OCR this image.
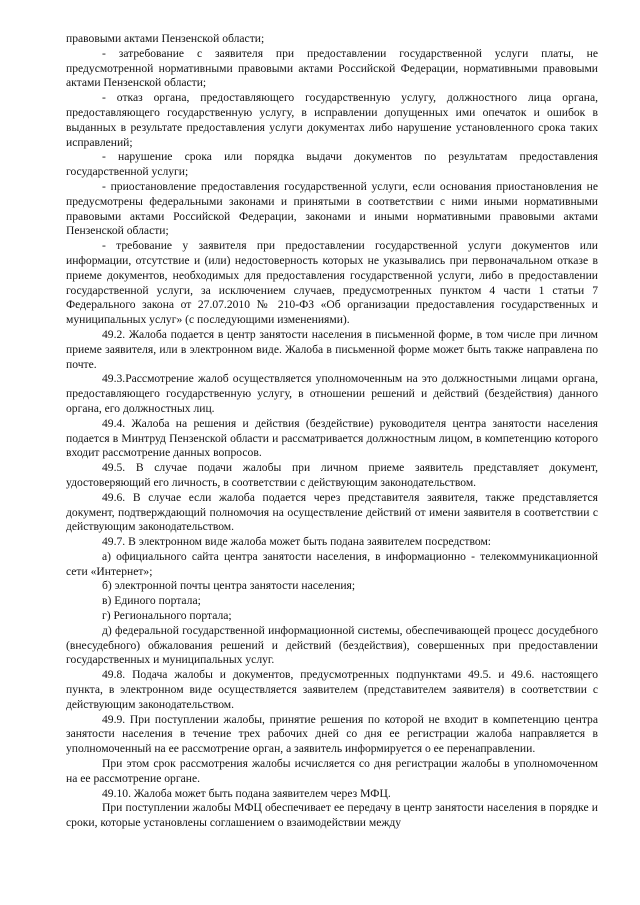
правовыми актами Пензенской области;

- затребование с заявителя при предоставлении государственной услуги платы, не предусмотренной нормативными правовыми актами Российской Федерации, нормативными правовыми актами Пензенской области;

- отказ органа, предоставляющего государственную услугу, должностного лица органа, предоставляющего государственную услугу, в исправлении допущенных ими опечаток и ошибок в выданных в результате предоставления услуги документах либо нарушение установленного срока таких исправлений;

- нарушение срока или порядка выдачи документов по результатам предоставления государственной услуги;

- приостановление предоставления государственной услуги, если основания приостановления не предусмотрены федеральными законами и принятыми в соответствии с ними иными нормативными правовыми актами Российской Федерации, законами и иными нормативными правовыми актами Пензенской области;

- требование у заявителя при предоставлении государственной услуги документов или информации, отсутствие и (или) недостоверность которых не указывались при первоначальном отказе в приеме документов, необходимых для предоставления государственной услуги, либо в предоставлении государственной услуги, за исключением случаев, предусмотренных пунктом 4 части 1 статьи 7 Федерального закона от 27.07.2010 № 210-ФЗ «Об организации предоставления государственных и муниципальных услуг» (с последующими изменениями).

49.2. Жалоба подается в центр занятости населения в письменной форме, в том числе при личном приеме заявителя, или в электронном виде. Жалоба в письменной форме может быть также направлена по почте.

49.3.Рассмотрение жалоб осуществляется уполномоченным на это должностными лицами органа, предоставляющего государственную услугу, в отношении решений и действий (бездействия) данного органа, его должностных лиц.

49.4. Жалоба на решения и действия (бездействие) руководителя центра занятости населения подается в Минтруд Пензенской области и рассматривается должностным лицом, в компетенцию которого входит рассмотрение данных вопросов.

49.5. В случае подачи жалобы при личном приеме заявитель представляет документ, удостоверяющий его личность, в соответствии с действующим законодательством.

49.6. В случае если жалоба подается через представителя заявителя, также представляется документ, подтверждающий полномочия на осуществление действий от имени заявителя в соответствии с действующим законодательством.

49.7. В электронном виде жалоба может быть подана заявителем посредством:

а) официального сайта центра занятости населения, в информационно - телекоммуникационной сети «Интернет»;

б) электронной почты центра занятости населения;

в) Единого портала;

г) Регионального портала;

д) федеральной государственной информационной системы, обеспечивающей процесс досудебного (внесудебного) обжалования решений и действий (бездействия), совершенных при предоставлении государственных и муниципальных услуг.

49.8. Подача жалобы и документов, предусмотренных подпунктами 49.5. и 49.6. настоящего пункта, в электронном виде осуществляется заявителем (представителем заявителя) в соответствии с действующим законодательством.

49.9. При поступлении жалобы, принятие решения по которой не входит в компетенцию центра занятости населения в течение трех рабочих дней со дня ее регистрации жалоба направляется в уполномоченный на ее рассмотрение орган, а заявитель информируется о ее перенаправлении.

При этом срок рассмотрения жалобы исчисляется со дня регистрации жалобы в уполномоченном на ее рассмотрение органе.

49.10. Жалоба может быть подана заявителем через МФЦ.

При поступлении жалобы МФЦ обеспечивает ее передачу в центр занятости населения в порядке и сроки, которые установлены соглашением о взаимодействии между
